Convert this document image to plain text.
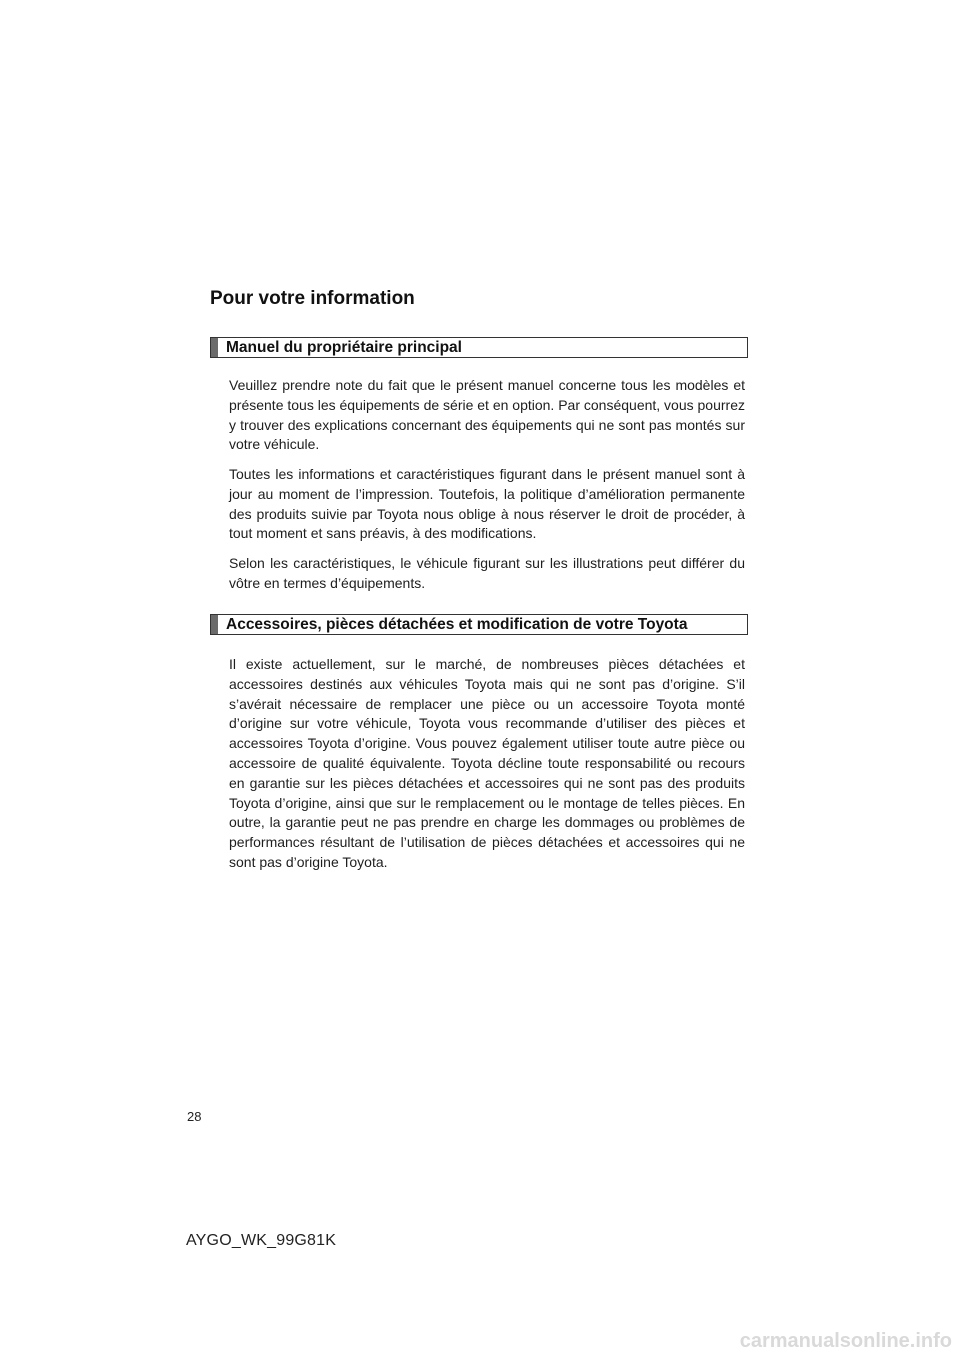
Pour votre information
Manuel du propriétaire principal

Veuillez prendre note du fait que le présent manuel concerne tous les modèles et présente tous les équipements de série et en option. Par conséquent, vous pourrez y trouver des explications concernant des équipements qui ne sont pas montés sur votre véhicule.

Toutes les informations et caractéristiques figurant dans le présent manuel sont à jour au moment de l’impression. Toutefois, la politique d’amélioration permanente des produits suivie par Toyota nous oblige à nous réserver le droit de procéder, à tout moment et sans préavis, à des modifications.

Selon les caractéristiques, le véhicule figurant sur les illustrations peut différer du vôtre en termes d’équipements.

Accessoires, pièces détachées et modification de votre Toyota

Il existe actuellement, sur le marché, de nombreuses pièces détachées et accessoires destinés aux véhicules Toyota mais qui ne sont pas d’origine. S’il s’avérait nécessaire de remplacer une pièce ou un accessoire Toyota monté d’origine sur votre véhicule, Toyota vous recommande d’utiliser des pièces et accessoires Toyota d’origine. Vous pouvez également utiliser toute autre pièce ou accessoire de qualité équivalente. Toyota décline toute responsabilité ou recours en garantie sur les pièces détachées et accessoires qui ne sont pas des produits Toyota d’origine, ainsi que sur le remplacement ou le montage de telles pièces. En outre, la garantie peut ne pas prendre en charge les dommages ou problèmes de performances résultant de l’utilisation de pièces détachées et accessoires qui ne sont pas d’origine Toyota.

28
AYGO_WK_99G81K
carmanualsonline.info
